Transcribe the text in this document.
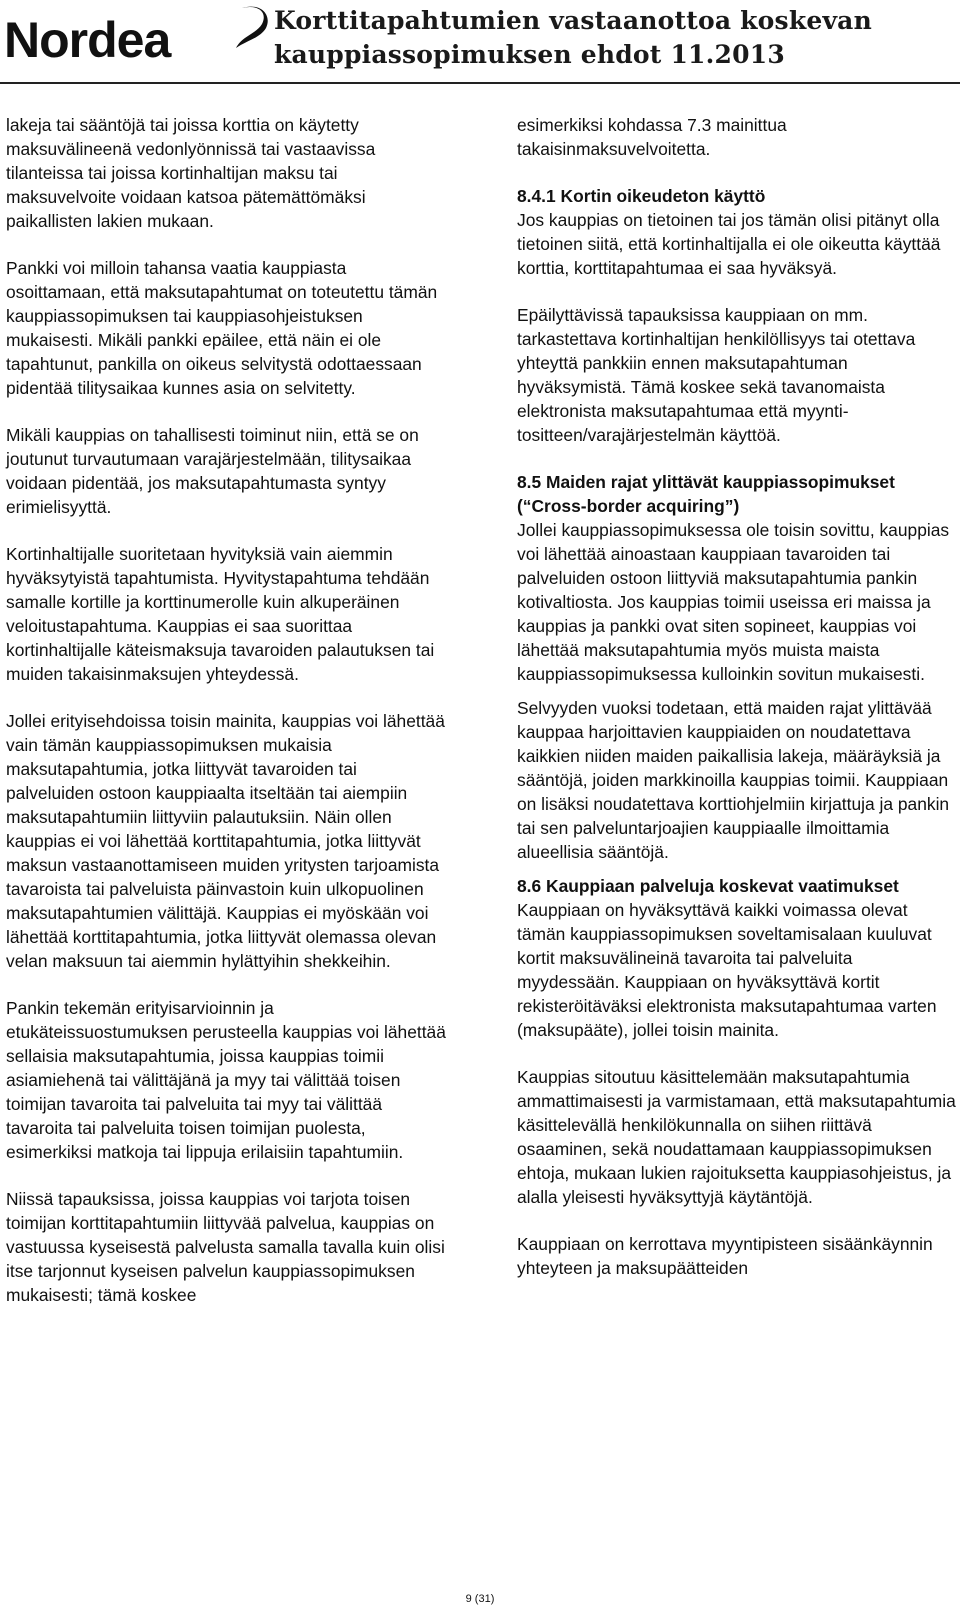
Nordea	Korttitapahtumien vastaanottoa koskevan
kauppiassopimuksen ehdot 11.2013

lakeja tai sääntöjä tai joissa korttia on käytetty maksuvälineenä vedonlyönnissä tai vastaavissa tilanteissa tai joissa kortinhaltijan maksu tai maksuvelvoite voidaan katsoa pätemättömäksi paikallisten lakien mukaan.

Pankki voi milloin tahansa vaatia kauppiasta osoittamaan, että maksutapahtumat on toteutettu tämän kauppiassopimuksen tai kauppiasohjeistuksen mukaisesti. Mikäli pankki epäilee, että näin ei ole tapahtunut, pankilla on oikeus selvitystä odottaessaan pidentää tilitysaikaa kunnes asia on selvitetty.

Mikäli kauppias on tahallisesti toiminut niin, että se on joutunut turvautumaan varajärjestelmään, tilitysaikaa voidaan pidentää, jos maksutapahtumasta syntyy erimielisyyttä.

Kortinhaltijalle suoritetaan hyvityksiä vain aiemmin hyväksytyistä tapahtumista. Hyvitystapahtuma tehdään samalle kortille ja korttinumerolle kuin alkuperäinen veloitustapahtuma. Kauppias ei saa suorittaa kortinhaltijalle käteismaksuja tavaroiden palautuksen tai muiden takaisinmaksujen yhteydessä.

Jollei erityisehdoissa toisin mainita, kauppias voi lähettää vain tämän kauppiassopimuksen mukaisia maksutapahtumia, jotka liittyvät tavaroiden tai palveluiden ostoon kauppiaalta itseltään tai aiempiin maksutapahtumiin liittyviin palautuksiin. Näin ollen kauppias ei voi lähettää korttitapahtumia, jotka liittyvät maksun vastaanottamiseen muiden yritysten tarjoamista tavaroista tai palveluista päinvastoin kuin ulkopuolinen maksutapahtumien välittäjä. Kauppias ei myöskään voi lähettää korttitapahtumia, jotka liittyvät olemassa olevan velan maksuun tai aiemmin hylättyihin shekkeihin.

Pankin tekemän erityisarvioinnin ja etukäteissuostumuksen perusteella kauppias voi lähettää sellaisia maksutapahtumia, joissa kauppias toimii asiamiehenä tai välittäjänä ja myy tai välittää toisen toimijan tavaroita tai palveluita tai myy tai välittää tavaroita tai palveluita toisen toimijan puolesta, esimerkiksi matkoja tai lippuja erilaisiin tapahtumiin.

Niissä tapauksissa, joissa kauppias voi tarjota toisen toimijan korttitapahtumiin liittyvää palvelua, kauppias on vastuussa kyseisestä palvelusta samalla tavalla kuin olisi itse tarjonnut kyseisen palvelun kauppiassopimuksen mukaisesti; tämä koskee

esimerkiksi kohdassa 7.3 mainittua takaisinmaksuvelvoitetta.

8.4.1 Kortin oikeudeton käyttö
Jos kauppias on tietoinen tai jos tämän olisi pitänyt olla tietoinen siitä, että kortinhaltijalla ei ole oikeutta käyttää korttia, korttitapahtumaa ei saa hyväksyä.

Epäilyttävissä tapauksissa kauppiaan on mm. tarkastettava kortinhaltijan henkilöllisyys tai otettava yhteyttä pankkiin ennen maksutapahtuman hyväksymistä. Tämä koskee sekä tavanomaista elektronista maksutapahtumaa että myynti-tositteen/varajärjestelmän käyttöä.

8.5 Maiden rajat ylittävät kauppiassopimukset (“Cross-border acquiring”)
Jollei kauppiassopimuksessa ole toisin sovittu, kauppias voi lähettää ainoastaan kauppiaan tavaroiden tai palveluiden ostoon liittyviä maksutapahtumia pankin kotivaltiosta. Jos kauppias toimii useissa eri maissa ja kauppias ja pankki ovat siten sopineet, kauppias voi lähettää maksutapahtumia myös muista maista kauppiassopimuksessa kulloinkin sovitun mukaisesti.

Selvyyden vuoksi todetaan, että maiden rajat ylittävää kauppaa harjoittavien kauppiaiden on noudatettava kaikkien niiden maiden paikallisia lakeja, määräyksiä ja sääntöjä, joiden markkinoilla kauppias toimii. Kauppiaan on lisäksi noudatettava korttiohjelmiin kirjattuja ja pankin tai sen palveluntarjoajien kauppiaalle ilmoittamia alueellisia sääntöjä.

8.6 Kauppiaan palveluja koskevat vaatimukset
Kauppiaan on hyväksyttävä kaikki voimassa olevat tämän kauppiassopimuksen soveltamisalaan kuuluvat kortit maksuvälineinä tavaroita tai palveluita myydessään. Kauppiaan on hyväksyttävä kortit rekisteröitäväksi elektronista maksutapahtumaa varten (maksupääte), jollei toisin mainita.

Kauppias sitoutuu käsittelemään maksutapahtumia ammattimaisesti ja varmistamaan, että maksutapahtumia käsittelevällä henkilökunnalla on siihen riittävä osaaminen, sekä noudattamaan kauppiassopimuksen ehtoja, mukaan lukien rajoituksetta kauppiasohjeistus, ja alalla yleisesti hyväksyttyjä käytäntöjä.

Kauppiaan on kerrottava myyntipisteen sisäänkäynnin yhteyteen ja maksupäätteiden

9 (31)
